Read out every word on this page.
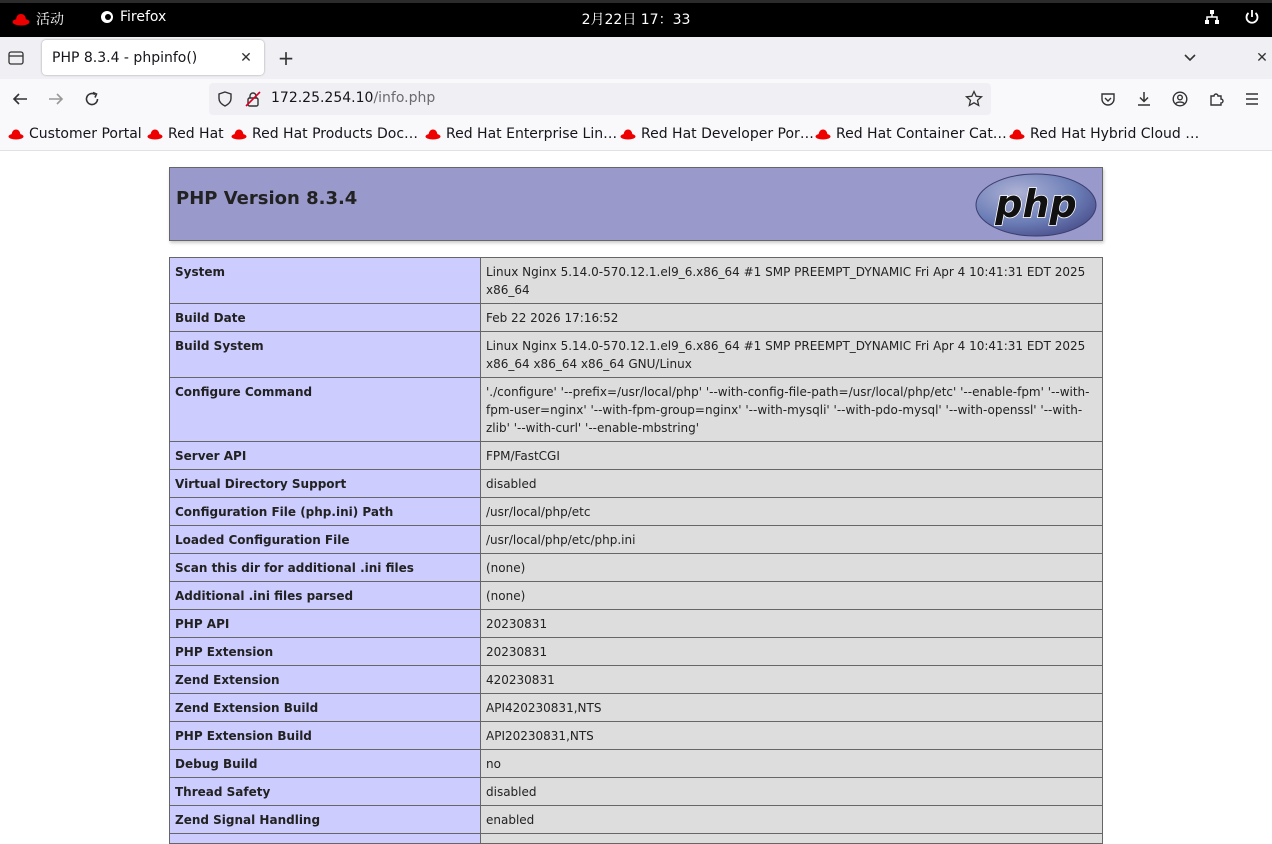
活动	Firefox	2月22日 17：33
PHP 8.3.4 - phpinfo()	✕ +	✕
172.25.254.10/info.php
Customer Portal Red Hat Red Hat Products Doc… Red Hat Enterprise Lin… Red Hat Developer Por… Red Hat Container Cat… Red Hat Hybrid Cloud …
PHP Version 8.3.4	php
System	Linux Nginx 5.14.0-570.12.1.el9_6.x86_64 #1 SMP PREEMPT_DYNAMIC Fri Apr 4 10:41:31 EDT 2025 x86_64
Build Date	Feb 22 2026 17:16:52
Build System	Linux Nginx 5.14.0-570.12.1.el9_6.x86_64 #1 SMP PREEMPT_DYNAMIC Fri Apr 4 10:41:31 EDT 2025 x86_64 x86_64 x86_64 GNU/Linux
Configure Command	'./configure' '--prefix=/usr/local/php' '--with-config-file-path=/usr/local/php/etc' '--enable-fpm' '--with-fpm-user=nginx' '--with-fpm-group=nginx' '--with-mysqli' '--with-pdo-mysql' '--with-openssl' '--with-zlib' '--with-curl' '--enable-mbstring'
Server API	FPM/FastCGI
Virtual Directory Support	disabled
Configuration File (php.ini) Path	/usr/local/php/etc
Loaded Configuration File	/usr/local/php/etc/php.ini
Scan this dir for additional .ini files	(none)
Additional .ini files parsed	(none)
PHP API	20230831
PHP Extension	20230831
Zend Extension	420230831
Zend Extension Build	API420230831,NTS
PHP Extension Build	API20230831,NTS
Debug Build	no
Thread Safety	disabled
Zend Signal Handling	enabled
